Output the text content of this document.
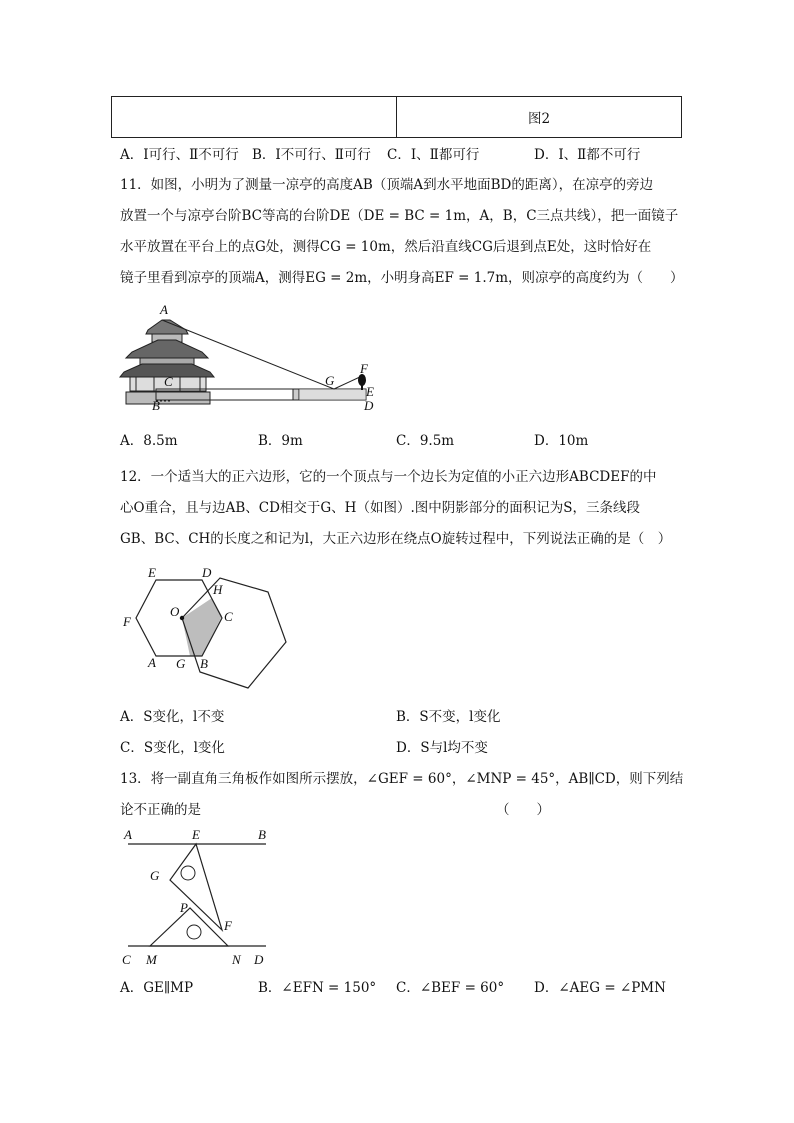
	图2
A．Ⅰ可行、Ⅱ不可行 B．Ⅰ不可行、Ⅱ可行 C．Ⅰ、Ⅱ都可行	D．Ⅰ、Ⅱ都不可行
11．如图，小明为了测量一凉亭的高度AB（顶端A到水平地面BD的距离），在凉亭的旁边
放置一个与凉亭台阶BC等高的台阶DE（DE = BC = 1m，A，B，C三点共线），把一面镜子
水平放置在平台上的点G处，测得CG = 10m，然后沿直线CG后退到点E处，这时恰好在
镜子里看到凉亭的顶端A，测得EG = 2m，小明身高EF = 1.7m，则凉亭的高度约为（　　）
A
B
C
D
E
F
G
A．8.5m	B．9m	C．9.5m	D．10m
12．一个适当大的正六边形，它的一个顶点与一个边长为定值的小正六边形ABCDEF的中
心O重合，且与边AB、CD相交于G、H（如图）.图中阴影部分的面积记为S，三条线段
GB、BC、CH的长度之和记为l，大正六边形在绕点O旋转过程中，下列说法正确的是（　）
E	D
H
O	C
F
A G B
A．S变化，l不变	B．S不变，l变化
C．S变化，l变化	D．S与l均不变
13．将一副直角三角板作如图所示摆放，∠GEF = 60°，∠MNP = 45°，AB∥CD，则下列结
论不正确的是	（　　）
A	E	B
G
P
F
C M	N D
A．GE∥MP	B．∠EFN = 150° C．∠BEF = 60° D．∠AEG = ∠PMN
